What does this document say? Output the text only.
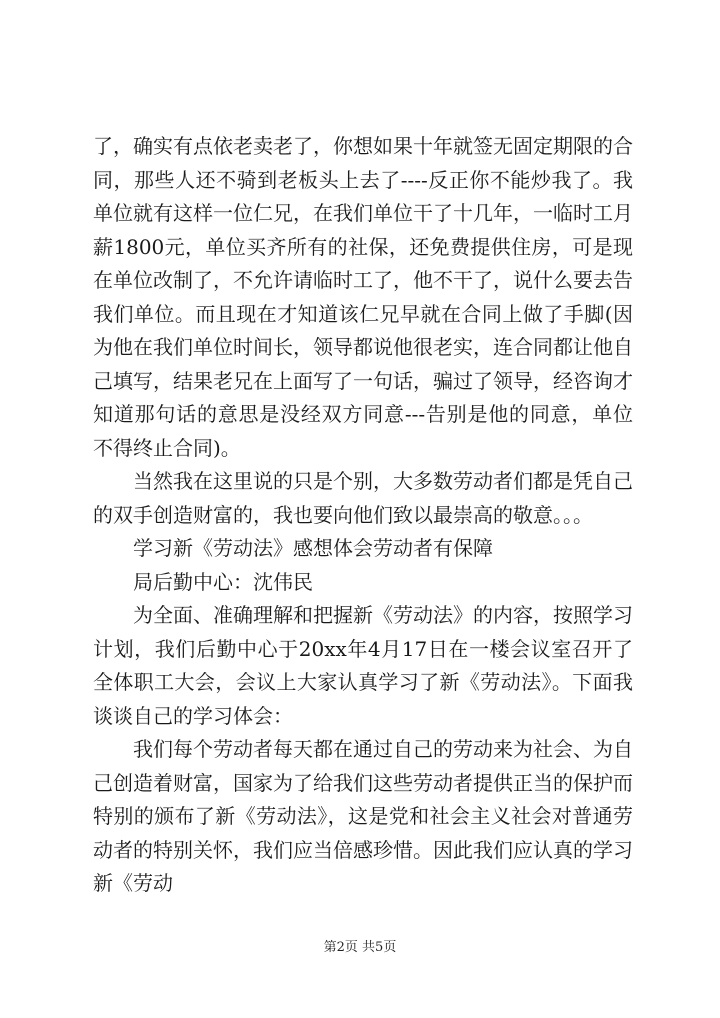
了，确实有点依老卖老了，你想如果十年就签无固定期限的合同，那些人还不骑到老板头上去了----反正你不能炒我了。我单位就有这样一位仁兄，在我们单位干了十几年，一临时工月薪1800元，单位买齐所有的社保，还免费提供住房，可是现在单位改制了，不允许请临时工了，他不干了，说什么要去告我们单位。而且现在才知道该仁兄早就在合同上做了手脚(因为他在我们单位时间长，领导都说他很老实，连合同都让他自己填写，结果老兄在上面写了一句话，骗过了领导，经咨询才知道那句话的意思是没经双方同意---告别是他的同意，单位不得终止合同)。

当然我在这里说的只是个别，大多数劳动者们都是凭自己的双手创造财富的，我也要向他们致以最崇高的敬意。。。

学习新《劳动法》感想体会劳动者有保障

局后勤中心：沈伟民

为全面、准确理解和把握新《劳动法》的内容，按照学习计划，我们后勤中心于20xx年4月17日在一楼会议室召开了全体职工大会，会议上大家认真学习了新《劳动法》。下面我谈谈自己的学习体会：

我们每个劳动者每天都在通过自己的劳动来为社会、为自己创造着财富，国家为了给我们这些劳动者提供正当的保护而特别的颁布了新《劳动法》，这是党和社会主义社会对普通劳动者的特别关怀，我们应当倍感珍惜。因此我们应认真的学习新《劳动

第2页 共5页
